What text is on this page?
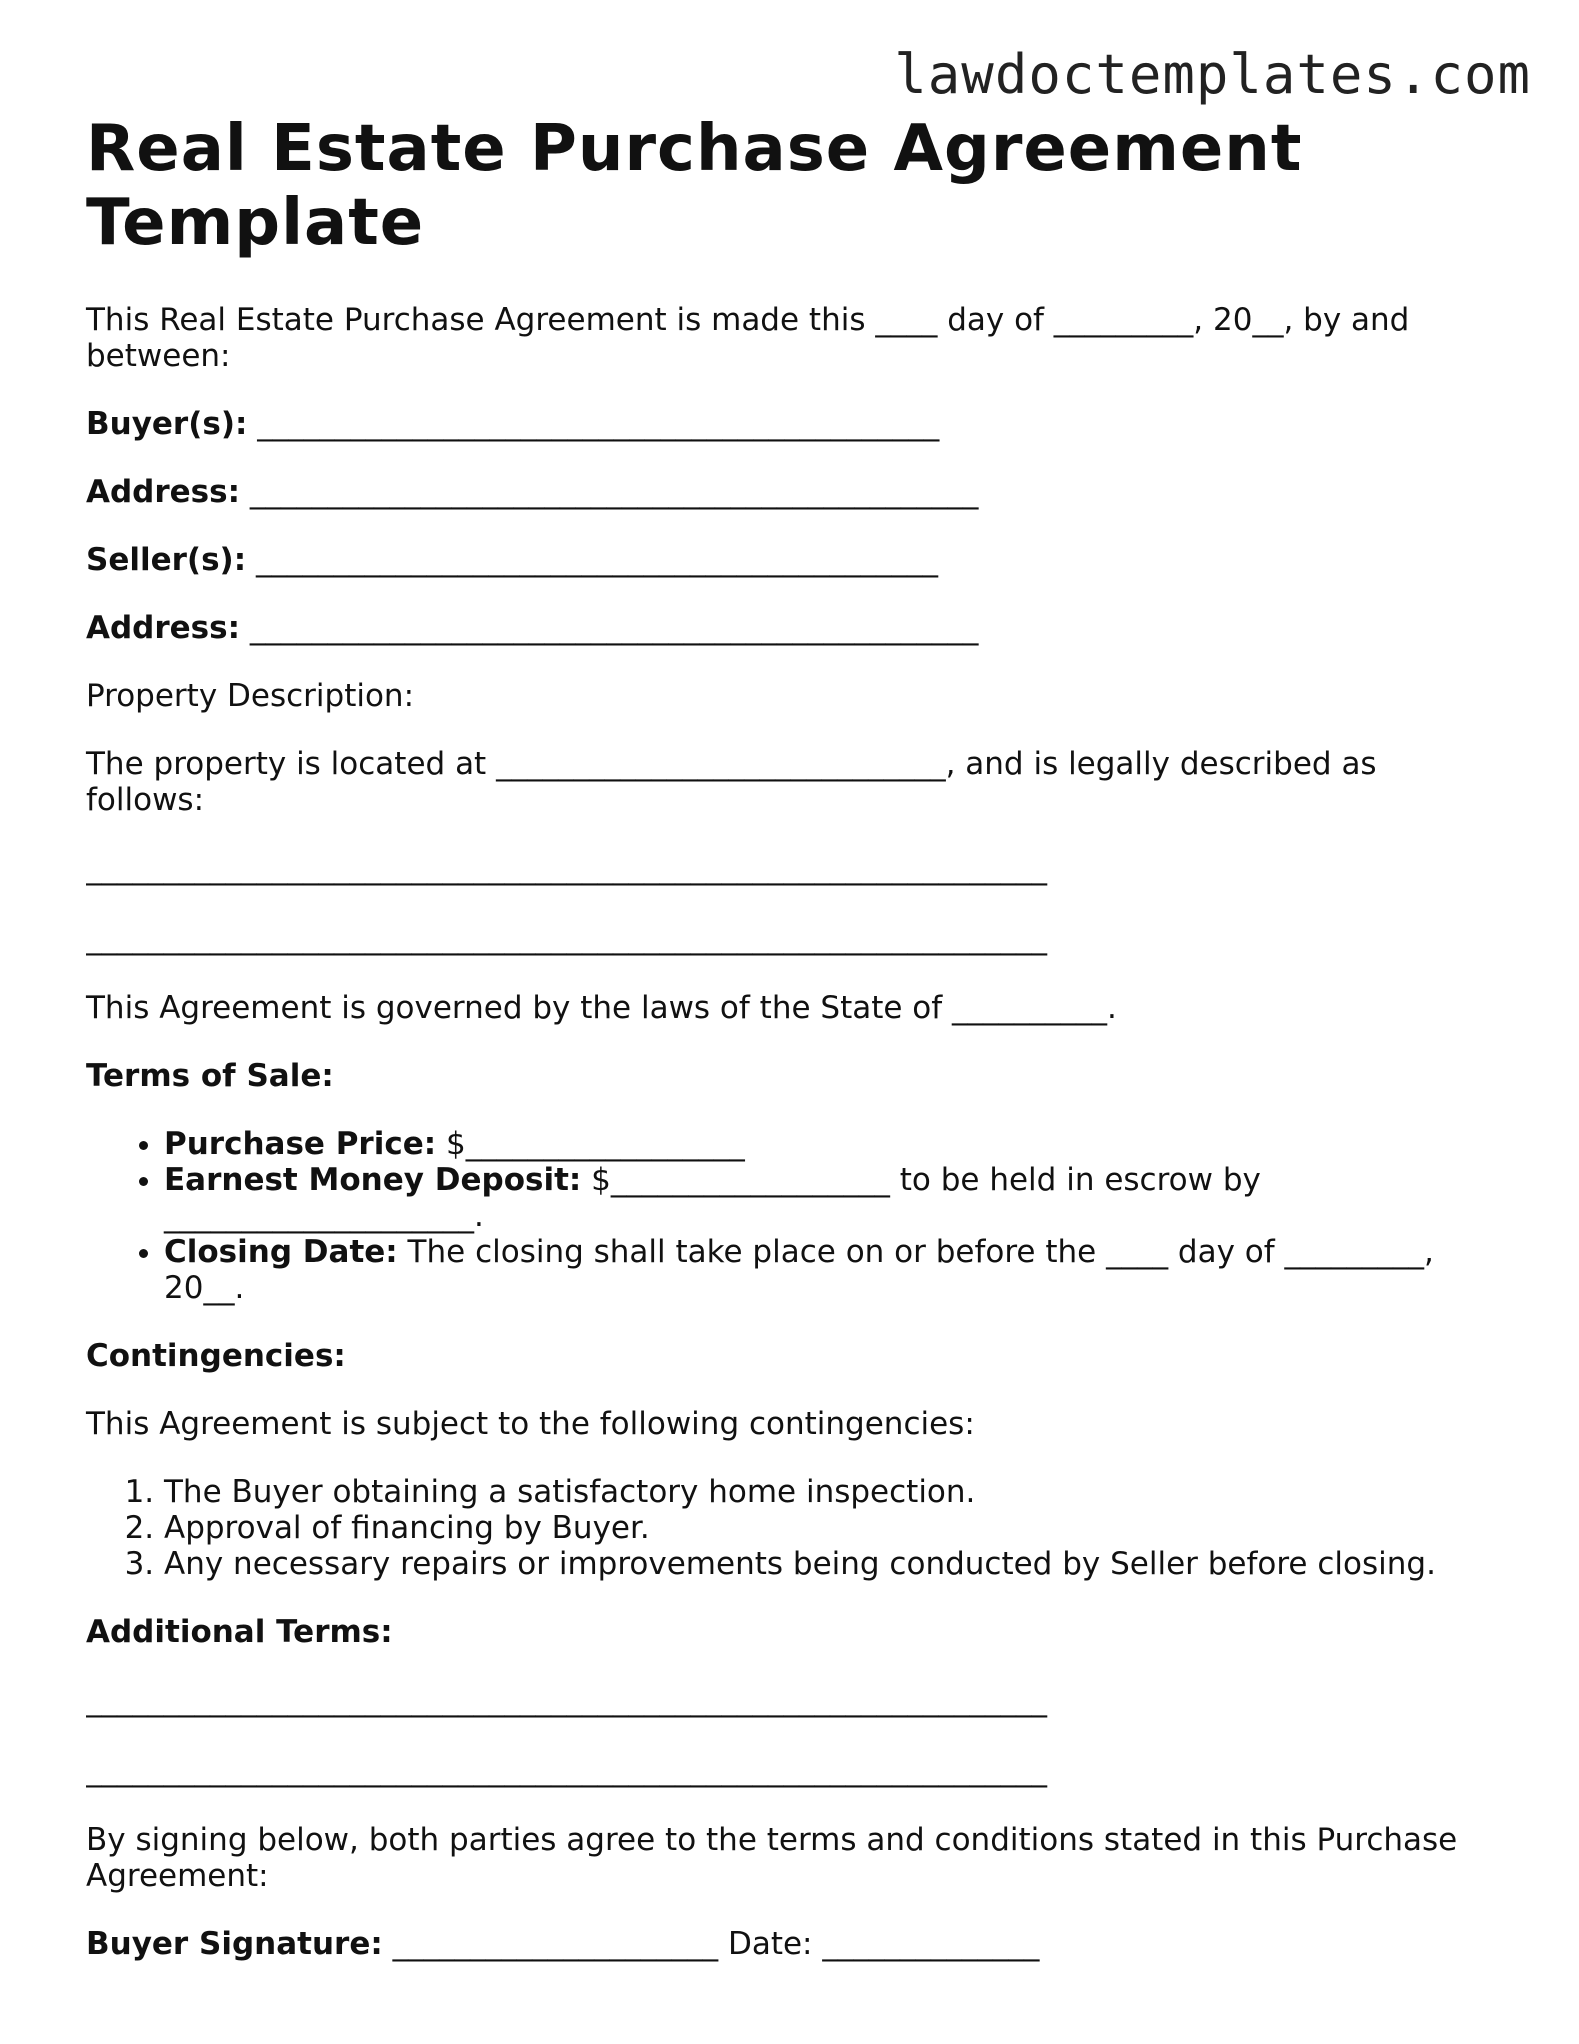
lawdoctemplates.com
Real Estate Purchase Agreement Template

This Real Estate Purchase Agreement is made this ____ day of _________, 20__, by and between:

Buyer(s): ____________________________________________
Address: _______________________________________________
Seller(s): ____________________________________________
Address: _______________________________________________

Property Description:

The property is located at _____________________________, and is legally described as follows:

______________________________________________________________
______________________________________________________________

This Agreement is governed by the laws of the State of __________.

Terms of Sale:
• Purchase Price: $__________________
• Earnest Money Deposit: $__________________ to be held in escrow by ____________________.
• Closing Date: The closing shall take place on or before the ____ day of _________, 20__.
Contingencies:

This Agreement is subject to the following contingencies:

1. The Buyer obtaining a satisfactory home inspection.
2. Approval of financing by Buyer.
3. Any necessary repairs or improvements being conducted by Seller before closing.
Additional Terms:
______________________________________________________________
______________________________________________________________

By signing below, both parties agree to the terms and conditions stated in this Purchase Agreement:

Buyer Signature: _____________________ Date: ______________
